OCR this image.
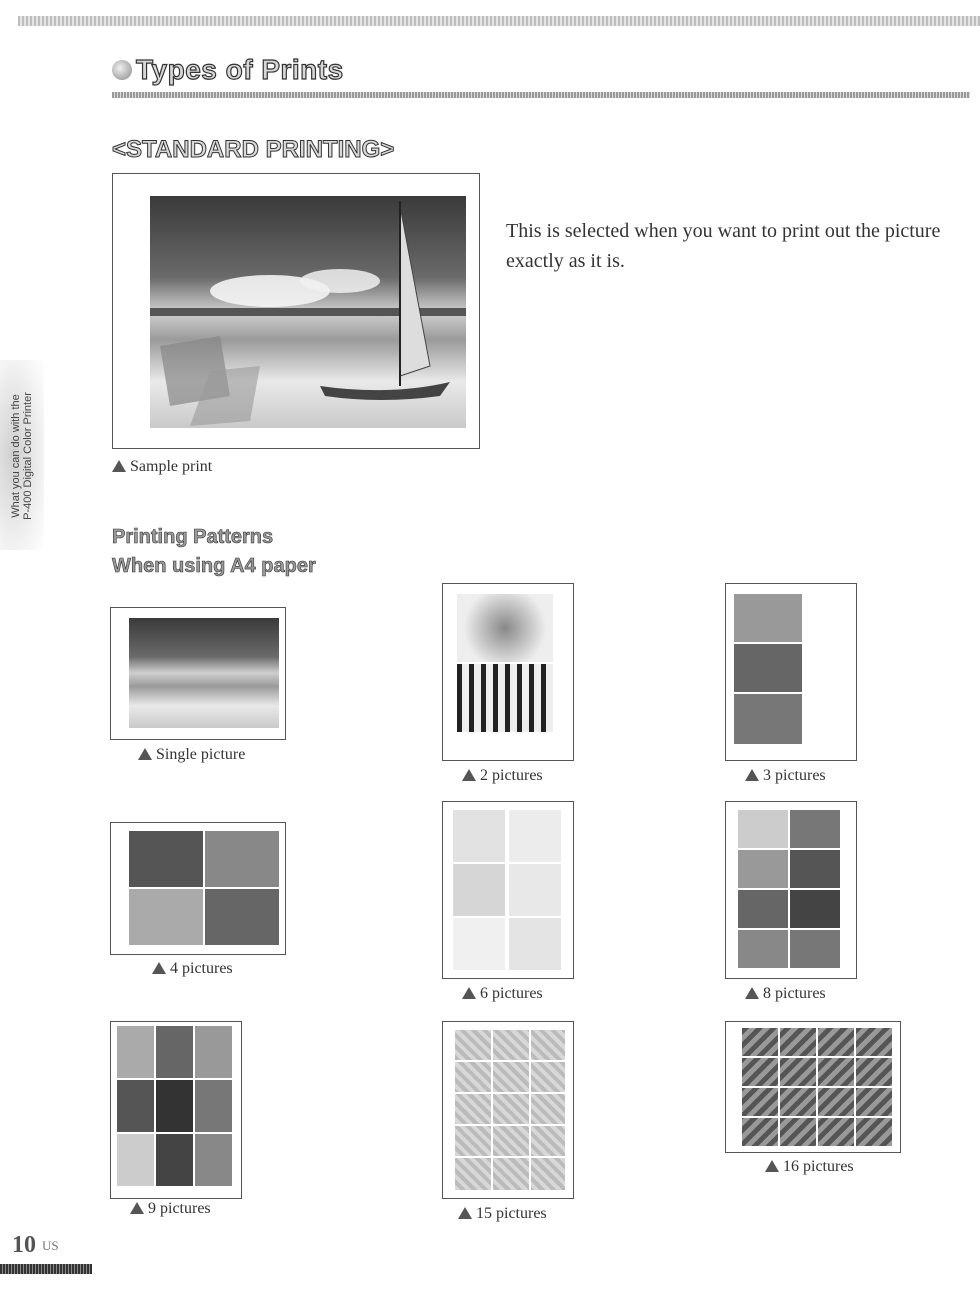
Types of Prints
<STANDARD PRINTING>
Sample print
This is selected when you want to print out the picture exactly as it is.
What you can do with the P-400 Digital Color Printer
Printing Patterns
When using A4 paper
Single picture
2 pictures	3 pictures
4 pictures
6 pictures	8 pictures
9 pictures	15 pictures
16 pictures
10 US
